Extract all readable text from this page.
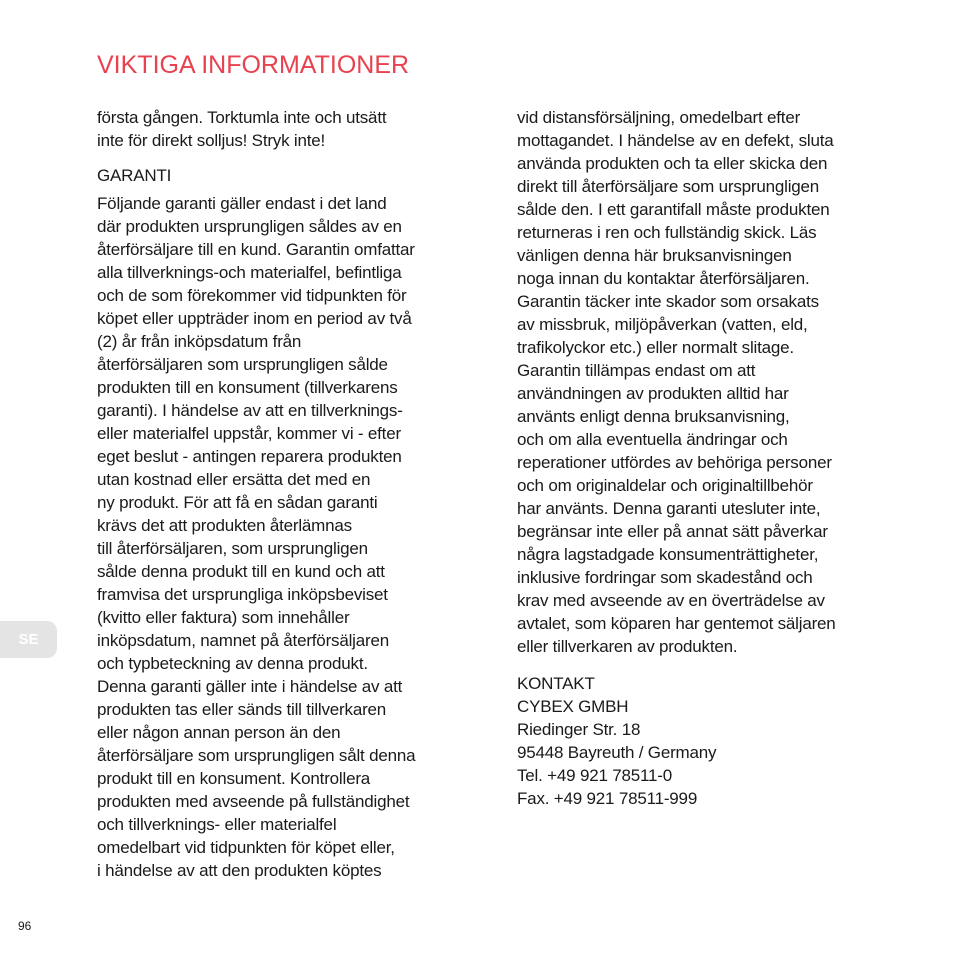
VIKTIGA INFORMATIONER
första gången. Torktumla inte och utsätt
inte för direkt solljus! Stryk inte!
GARANTI
Följande garanti gäller endast i det land
där produkten ursprungligen såldes av en
återförsäljare till en kund. Garantin omfattar
alla tillverknings-och materialfel, befintliga
och de som förekommer vid tidpunkten för
köpet eller uppträder inom en period av två
(2) år från inköpsdatum från
återförsäljaren som ursprungligen sålde
produkten till en konsument (tillverkarens
garanti). I händelse av att en tillverknings-
eller materialfel uppstår, kommer vi - efter
eget beslut - antingen reparera produkten
utan kostnad eller ersätta det med en
ny produkt. För att få en sådan garanti
krävs det att produkten återlämnas
till återförsäljaren, som ursprungligen
sålde denna produkt till en kund och att
framvisa det ursprungliga inköpsbeviset
(kvitto eller faktura) som innehåller
inköpsdatum, namnet på återförsäljaren
och typbeteckning av denna produkt.
Denna garanti gäller inte i händelse av att
produkten tas eller sänds till tillverkaren
eller någon annan person än den
återförsäljare som ursprungligen sålt denna
produkt till en konsument. Kontrollera
produkten med avseende på fullständighet
och tillverknings- eller materialfel
omedelbart vid tidpunkten för köpet eller,
i händelse av att den produkten köptes
vid distansförsäljning, omedelbart efter
mottagandet. I händelse av en defekt, sluta
använda produkten och ta eller skicka den
direkt till återförsäljare som ursprungligen
sålde den. I ett garantifall måste produkten
returneras i ren och fullständig skick. Läs
vänligen denna här bruksanvisningen
noga innan du kontaktar återförsäljaren.
Garantin täcker inte skador som orsakats
av missbruk, miljöpåverkan (vatten, eld,
trafikolyckor etc.) eller normalt slitage.
Garantin tillämpas endast om att
användningen av produkten alltid har
använts enligt denna bruksanvisning,
och om alla eventuella ändringar och
reperationer utfördes av behöriga personer
och om originaldelar och originaltillbehör
har använts. Denna garanti utesluter inte,
begränsar inte eller på annat sätt påverkar
några lagstadgade konsumenträttigheter,
inklusive fordringar som skadestånd och
krav med avseende av en överträdelse av
avtalet, som köparen har gentemot säljaren
eller tillverkaren av produkten.
KONTAKT
CYBEX GMBH
Riedinger Str. 18
95448 Bayreuth / Germany
Tel. +49 921 78511-0
Fax. +49 921 78511-999
SE
96
